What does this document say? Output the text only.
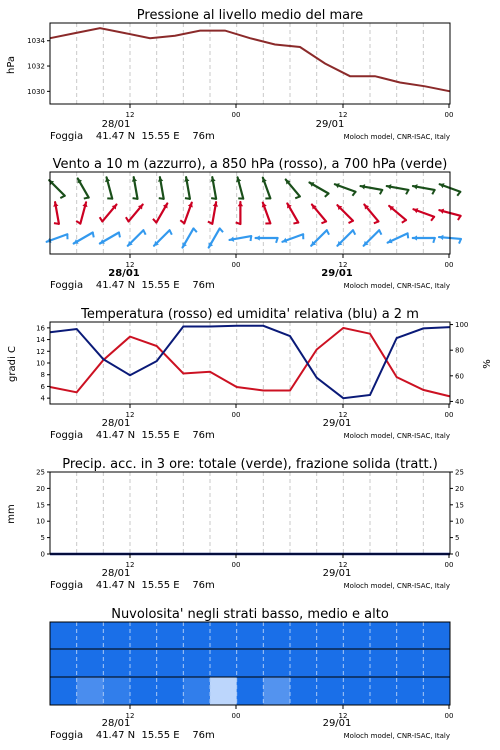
Pressione al livello medio del mare
hPa
1030
1032
1034
12	00	12	00
28/01	29/01
Foggia    41.47 N  15.55 E    76m	Moloch model, CNR-ISAC, Italy
Vento a 10 m (azzurro), a 850 hPa (rosso), a 700 hPa (verde)
12	00	12	00
28/01	29/01
Foggia    41.47 N  15.55 E    76m	Moloch model, CNR-ISAC, Italy
Temperatura (rosso) ed umidita' relativa (blu) a 2 m
gradi C	%
4
6
8
10
12
14
16
40
60
80
100
12	00	12	00
28/01	29/01
Foggia    41.47 N  15.55 E    76m	Moloch model, CNR-ISAC, Italy
Precip. acc. in 3 ore: totale (verde), frazione solida (tratt.)
mm
0
5
10
15
20
25
0
5
10
15
20
25
12	00	12	00
28/01	29/01
Foggia    41.47 N  15.55 E    76m	Moloch model, CNR-ISAC, Italy
Nuvolosita' negli strati basso, medio e alto
12	00	12	00
28/01	29/01
Foggia    41.47 N  15.55 E    76m	Moloch model, CNR-ISAC, Italy
